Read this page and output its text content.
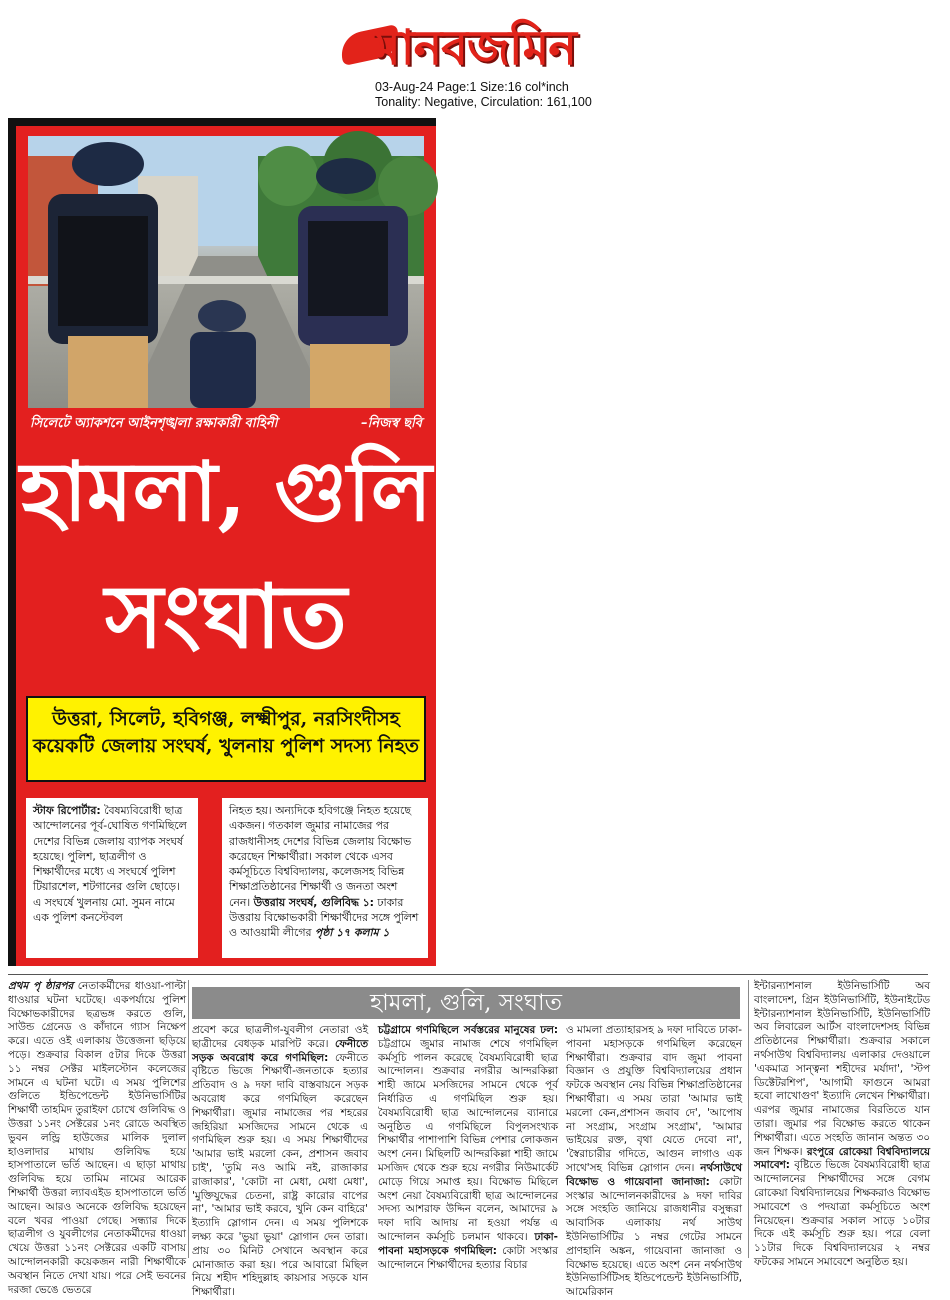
মানবজমিন
03-Aug-24 Page:1 Size:16 col*inch
Tonality: Negative, Circulation: 161,100
সিলেটে অ্যাকশনে আইনশৃঙ্খলা রক্ষাকারী বাহিনী	–নিজস্ব ছবি
হামলা, গুলি
সংঘাত
উত্তরা, সিলেট, হবিগঞ্জ, লক্ষ্মীপুর, নরসিংদীসহ
কয়েকটি জেলায় সংঘর্ষ, খুলনায় পুলিশ সদস্য নিহত
স্টাফ রিপোর্টার: বৈষম্যবিরোধী ছাত্র আন্দোলনের পূর্ব-ঘোষিত গণমিছিলে দেশের বিভিন্ন জেলায় ব্যাপক সংঘর্ষ হয়েছে। পুলিশ, ছাত্রলীগ ও শিক্ষার্থীদের মধ্যে এ সংঘর্ষে পুলিশ টিয়ারশেল, শটগানের গুলি ছোড়ে। এ সংঘর্ষে খুলনায় মো. সুমন নামে এক পুলিশ কনস্টেবল
নিহত হয়। অন্যদিকে হবিগঞ্জে নিহত হয়েছে একজন। গতকাল জুমার নামাজের পর রাজধানীসহ দেশের বিভিন্ন জেলায় বিক্ষোভ করেছেন শিক্ষার্থীরা। সকাল থেকে এসব কর্মসূচিতে বিশ্ববিদ্যালয়, কলেজসহ বিভিন্ন শিক্ষাপ্রতিষ্ঠানের শিক্ষার্থী ও জনতা অংশ নেন। উত্তরায় সংঘর্ষ, গুলিবিদ্ধ ১: ঢাকার উত্তরায় বিক্ষোভকারী শিক্ষার্থীদের সঙ্গে পুলিশ ও আওয়ামী লীগের পৃষ্ঠা ১৭ কলাম ১
হামলা, গুলি, সংঘাত
প্রথম পৃ ষ্ঠারপর নেতাকর্মীদের ধাওয়া-পাল্টা ধাওয়ার ঘটনা ঘটেছে। একপর্যায়ে পুলিশ বিক্ষোভকারীদের ছত্রভঙ্গ করতে গুলি, সাউন্ড গ্রেনেড ও কাঁদানে গ্যাস নিক্ষেপ করে। এতে ওই এলাকায় উত্তেজনা ছড়িয়ে পড়ে। শুক্রবার বিকাল ৫টার দিকে উত্তরা ১১ নম্বর সেক্টর মাইলস্টোন কলেজের সামনে এ ঘটনা ঘটে। এ সময় পুলিশের গুলিতে ইন্ডিপেন্ডেন্ট ইউনিভার্সিটির শিক্ষার্থী তাহমিদ তুরাইফা চোখে গুলিবিদ্ধ ও উত্তরা ১১নং সেক্টরের ১নং রোডে অবস্থিত ভুবন লন্ড্রি হাউজের মালিক দুলাল হাওলাদার মাথায় গুলিবিদ্ধ হয়ে হাসপাতালে ভর্তি আছেন। এ ছাড়া মাথায় গুলিবিদ্ধ হয়ে তামিম নামের আরেক শিক্ষার্থী উত্তরা ল্যাবএইড হাসপাতালে ভর্তি আছেন। আরও অনেকে গুলিবিদ্ধ হয়েছেন বলে খবর পাওয়া গেছে। সন্ধ্যার দিকে ছাত্রলীগ ও যুবলীগের নেতাকর্মীদের ধাওয়া খেয়ে উত্তরা ১১নং সেক্টরের একটি বাসায় আন্দোলনকারী কয়েকজন নারী শিক্ষার্থীকে অবস্থান নিতে দেখা যায়। পরে সেই ভবনের দরজা ভেঙে ভেতরে
প্রবেশ করে ছাত্রলীগ-যুবলীগ নেতারা ওই ছাত্রীদের বেধড়ক মারপিট করে। ফেনীতে সড়ক অবরোধ করে গণমিছিল: ফেনীতে বৃষ্টিতে ভিজে শিক্ষার্থী-জনতাকে হত্যার প্রতিবাদ ও ৯ দফা দাবি বাস্তবায়নে সড়ক অবরোধ করে গণমিছিল করেছেন শিক্ষার্থীরা। জুমার নামাজের পর শহরের জহিরিয়া মসজিদের সামনে থেকে এ গণমিছিল শুরু হয়। এ সময় শিক্ষার্থীদের 'আমার ভাই মরলো কেন, প্রশাসন জবাব চাই', 'তুমি নও আমি নই, রাজাকার রাজাকার', 'কোটা না মেধা, মেধা মেধা', 'মুক্তিযুদ্ধের চেতনা, রাষ্ট্র কারোর বাপের না', 'আমার ভাই করবে, খুনি কেন বাহিরে' ইত্যাদি স্লোগান দেন। এ সময় পুলিশকে লক্ষ্য করে 'ভুয়া ভুয়া' স্লোগান দেন তারা। প্রায় ৩০ মিনিট সেখানে অবস্থান করে মোনাজাত করা হয়। পরে আবারো মিছিল নিয়ে শহীদ শহিদুল্লাহ কায়সার সড়কে যান শিক্ষার্থীরা।
চট্টগ্রামে গণমিছিলে সর্বস্তরের মানুষের ঢল: চট্টগ্রামে জুমার নামাজ শেষে গণমিছিল কর্মসূচি পালন করেছে বৈষম্যবিরোধী ছাত্র আন্দোলন। শুক্রবার নগরীর আন্দরকিল্লা শাহী জামে মসজিদের সামনে থেকে পূর্ব নির্ধারিত এ গণমিছিল শুরু হয়। বৈষম্যবিরোধী ছাত্র আন্দোলনের ব্যানারে অনুষ্ঠিত এ গণমিছিলে বিপুলসংখ্যক শিক্ষার্থীর পাশাপাশি বিভিন্ন পেশার লোকজন অংশ নেন। মিছিলটি আন্দরকিল্লা শাহী জামে মসজিদ থেকে শুরু হয়ে নগরীর নিউমার্কেট মোড়ে গিয়ে সমাপ্ত হয়। বিক্ষোভ মিছিলে অংশ নেয়া বৈষম্যবিরোধী ছাত্র আন্দোলনের সদস্য আশরাফ উদ্দিন বলেন, আমাদের ৯ দফা দাবি আদায় না হওয়া পর্যন্ত এ আন্দোলন কর্মসূচি চলমান থাকবে। ঢাকা-পাবনা মহাসড়কে গণমিছিল: কোটা সংস্কার আন্দোলনে শিক্ষার্থীদের হত্যার বিচার
ও মামলা প্রত্যাহারসহ ৯ দফা দাবিতে ঢাকা-পাবনা মহাসড়কে গণমিছিল করেছেন শিক্ষার্থীরা। শুক্রবার বাদ জুমা পাবনা বিজ্ঞান ও প্রযুক্তি বিশ্ববিদ্যালয়ের প্রধান ফটকে অবস্থান নেয় বিভিন্ন শিক্ষাপ্রতিষ্ঠানের শিক্ষার্থীরা। এ সময় তারা 'আমার ভাই মরলো কেন,প্রশাসন জবাব দে', 'আপোষ না সংগ্রাম, সংগ্রাম সংগ্রাম', 'আমার ভাইয়ের রক্ত, বৃথা যেতে দেবো না', 'স্বৈরাচারীর গদিতে, আগুন লাগাও এক সাথে'সহ বিভিন্ন স্লোগান দেন। নর্থসাউথে বিক্ষোভ ও গায়েবানা জানাজা: কোটা সংস্কার আন্দোলনকারীদের ৯ দফা দাবির সঙ্গে সংহতি জানিয়ে রাজধানীর বসুন্ধরা আবাসিক এলাকায় নর্থ সাউথ ইউনিভার্সিটির ১ নম্বর গেটের সামনে প্রাণহানি অঙ্কন, গায়েবানা জানাজা ও বিক্ষোভ হয়েছে। এতে অংশ নেন নর্থসাউথ ইউনিভার্সিটিসহ ইন্ডিপেন্ডেন্ট ইউনিভার্সিটি, আমেরিকান
ইন্টারন্যাশনাল ইউনিভার্সিটি অব বাংলাদেশ, গ্রিন ইউনিভার্সিটি, ইউনাইটেড ইন্টারন্যাশনাল ইউনিভার্সিটি, ইউনিভার্সিটি অব লিবারেল আর্টস বাংলাদেশসহ বিভিন্ন প্রতিষ্ঠানের শিক্ষার্থীরা। শুক্রবার সকালে নর্থসাউথ বিশ্ববিদ্যালয় এলাকার দেওয়ালে 'একমাত্র সান্ত্বনা শহীদের মর্যাদা', 'স্টপ ডিক্টেটরশিপ', 'আগামী ফাগুনে আমরা হবো লাখোগুণ' ইত্যাদি লেখেন শিক্ষার্থীরা। এরপর জুমার নামাজের বিরতিতে যান তারা। জুমার পর বিক্ষোভ করতে থাকেন শিক্ষার্থীরা। এতে সংহতি জানান অন্তত ৩০ জন শিক্ষক। রংপুরে রোকেয়া বিশ্ববিদ্যালয়ে সমাবেশ: বৃষ্টিতে ভিজে বৈষম্যবিরোধী ছাত্র আন্দোলনের শিক্ষার্থীদের সঙ্গে বেগম রোকেয়া বিশ্ববিদ্যালয়ের শিক্ষকরাও বিক্ষোভ সমাবেশে ও পদযাত্রা কর্মসূচিতে অংশ নিয়েছেন। শুক্রবার সকাল সাড়ে ১০টার দিকে এই কর্মসূচি শুরু হয়। পরে বেলা ১১টার দিকে বিশ্ববিদ্যালয়ের ২ নম্বর ফটকের সামনে সমাবেশে অনুষ্ঠিত হয়।
